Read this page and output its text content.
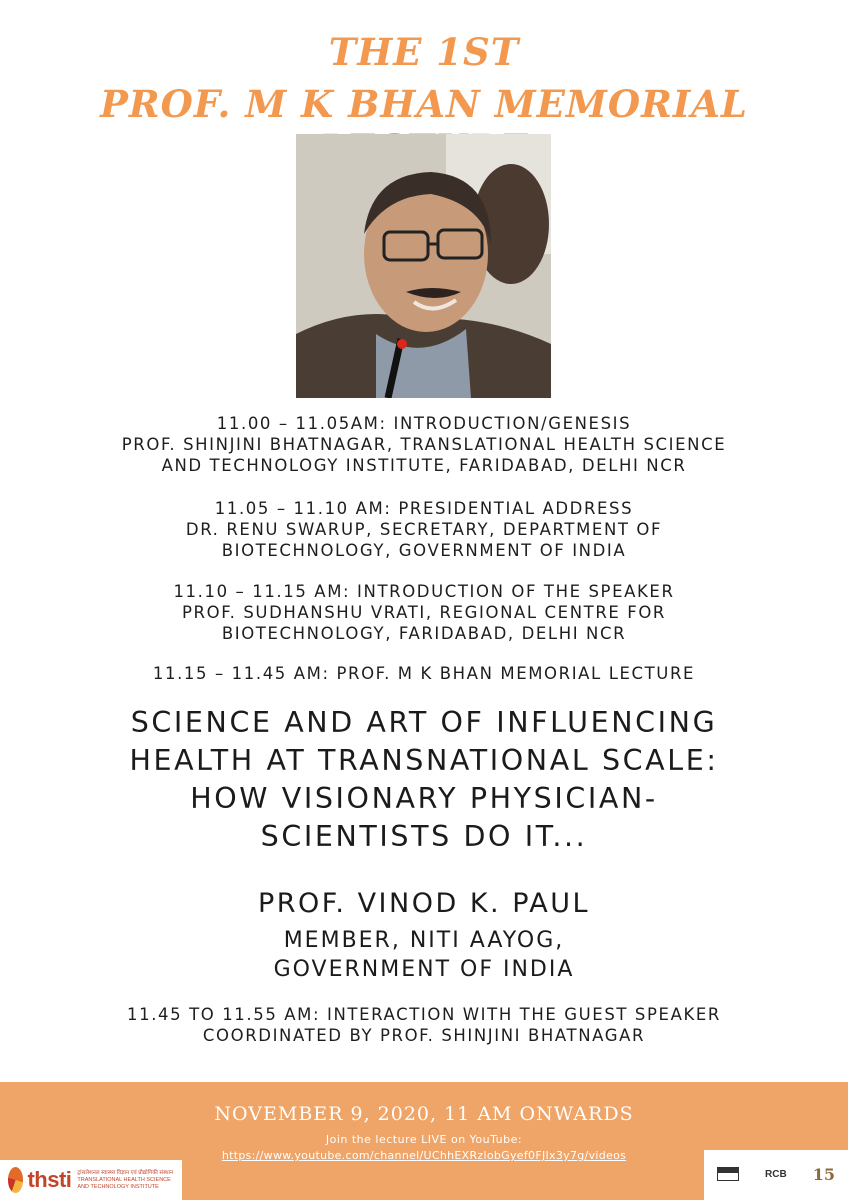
THE 1ST
PROF. M K BHAN MEMORIAL
11.00 – 11.05AM: INTRODUCTION/GENESIS
PROF. SHINJINI BHATNAGAR, TRANSLATIONAL HEALTH SCIENCE
AND TECHNOLOGY INSTITUTE, FARIDABAD, DELHI NCR
11.05 – 11.10 AM: PRESIDENTIAL ADDRESS
DR. RENU SWARUP, SECRETARY, DEPARTMENT OF
BIOTECHNOLOGY, GOVERNMENT OF INDIA
11.10 – 11.15 AM: INTRODUCTION OF THE SPEAKER
PROF. SUDHANSHU VRATI, REGIONAL CENTRE FOR
BIOTECHNOLOGY, FARIDABAD, DELHI NCR
11.15 – 11.45 AM: PROF. M K BHAN MEMORIAL LECTURE
SCIENCE AND ART OF INFLUENCING
HEALTH AT TRANSNATIONAL SCALE:
HOW VISIONARY PHYSICIAN-
SCIENTISTS DO IT...
PROF. VINOD K. PAUL
MEMBER, NITI AAYOG,
GOVERNMENT OF INDIA
11.45 TO 11.55 AM: INTERACTION WITH THE GUEST SPEAKER
COORDINATED BY PROF. SHINJINI BHATNAGAR
NOVEMBER 9, 2020, 11 AM ONWARDS
Join the lecture LIVE on YouTube:
https://www.youtube.com/channel/UChhEXRzlobGyef0FJIx3y7g/videos
thsti ट्रांसलेशनल स्वास्थ्य विज्ञान एवं प्रौद्योगिकी संस्थान
TRANSLATIONAL HEALTH SCIENCE AND TECHNOLOGY INSTITUTE
RCB 15
